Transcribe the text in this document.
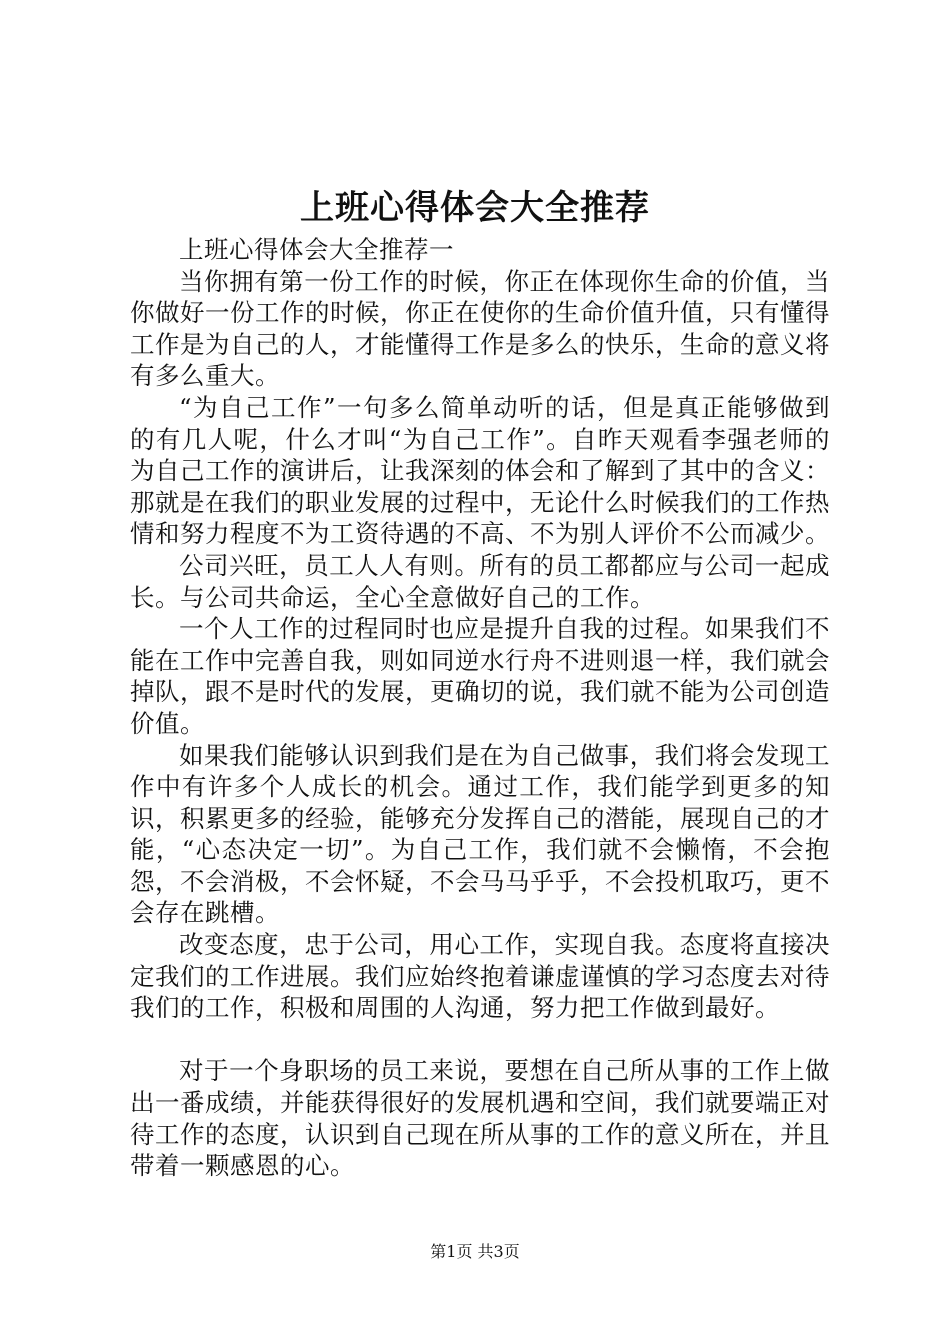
上班心得体会大全推荐

上班心得体会大全推荐一

当你拥有第一份工作的时候，你正在体现你生命的价值，当你做好一份工作的时候，你正在使你的生命价值升值，只有懂得工作是为自己的人，才能懂得工作是多么的快乐，生命的意义将有多么重大。

“为自己工作”一句多么简单动听的话，但是真正能够做到的有几人呢，什么才叫“为自己工作”。自昨天观看李强老师的为自己工作的演讲后，让我深刻的体会和了解到了其中的含义：那就是在我们的职业发展的过程中，无论什么时候我们的工作热情和努力程度不为工资待遇的不高、不为别人评价不公而减少。

公司兴旺，员工人人有则。所有的员工都都应与公司一起成长。与公司共命运，全心全意做好自己的工作。

一个人工作的过程同时也应是提升自我的过程。如果我们不能在工作中完善自我，则如同逆水行舟不进则退一样，我们就会掉队，跟不是时代的发展，更确切的说，我们就不能为公司创造价值。

如果我们能够认识到我们是在为自己做事，我们将会发现工作中有许多个人成长的机会。通过工作，我们能学到更多的知识，积累更多的经验，能够充分发挥自己的潜能，展现自己的才能，“心态决定一切”。为自己工作，我们就不会懒惰，不会抱怨，不会消极，不会怀疑，不会马马乎乎，不会投机取巧，更不会存在跳槽。

改变态度，忠于公司，用心工作，实现自我。态度将直接决定我们的工作进展。我们应始终抱着谦虚谨慎的学习态度去对待我们的工作，积极和周围的人沟通，努力把工作做到最好。

对于一个身职场的员工来说，要想在自己所从事的工作上做出一番成绩，并能获得很好的发展机遇和空间，我们就要端正对待工作的态度，认识到自己现在所从事的工作的意义所在，并且带着一颗感恩的心。

第1页 共3页
